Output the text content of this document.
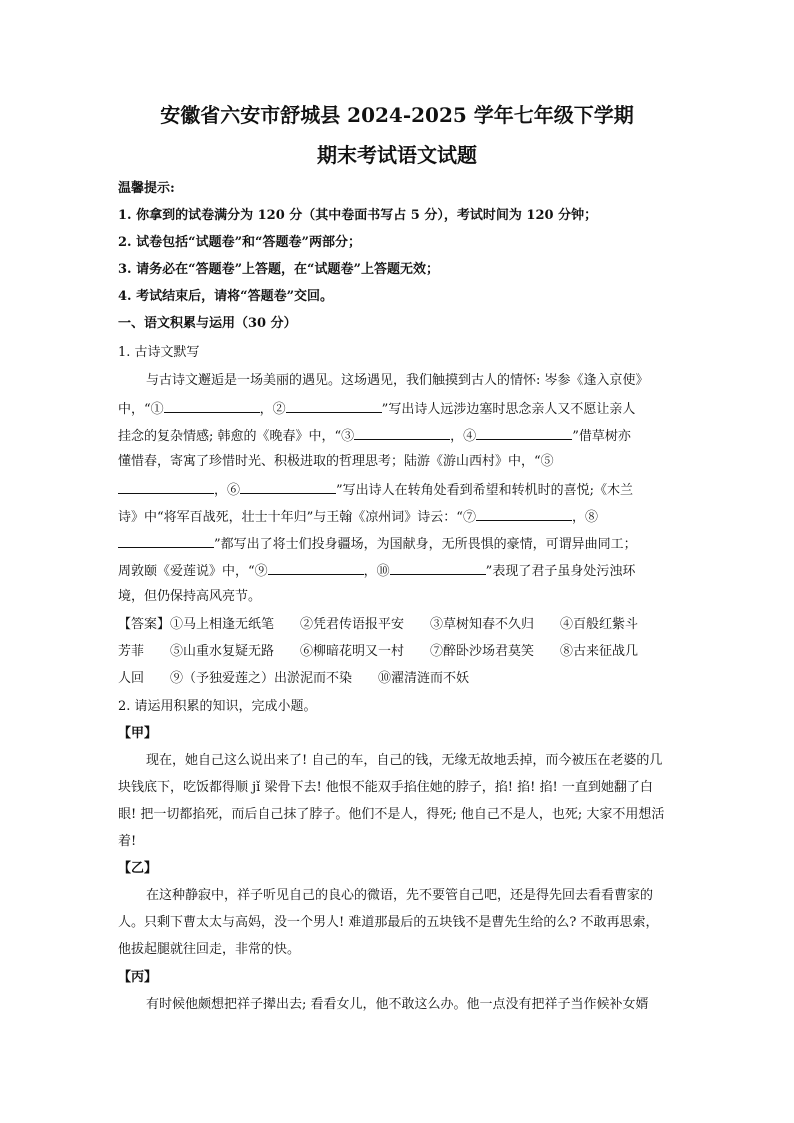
安徽省六安市舒城县 2024-2025 学年七年级下学期
期末考试语文试题
温馨提示:
1. 你拿到的试卷满分为 120 分（其中卷面书写占 5 分），考试时间为 120 分钟；
2. 试卷包括“试题卷”和“答题卷”两部分；
3. 请务必在“答题卷”上答题，在“试题卷”上答题无效；
4. 考试结束后，请将“答题卷”交回。
一、语文积累与运用（30 分）
1. 古诗文默写
与古诗文邂逅是一场美丽的遇见。这场遇见，我们触摸到古人的情怀: 岑参《逢入京使》
中，“①	，②	”写出诗人远涉边塞时思念亲人又不愿让亲人
挂念的复杂情感; 韩愈的《晚春》中，“③	，④	”借草树亦
懂惜春，寄寓了珍惜时光、积极进取的哲理思考；陆游《游山西村》中，“⑤
，⑥	”写出诗人在转角处看到希望和转机时的喜悦;《木兰
诗》中“将军百战死，壮士十年归”与王翰《凉州词》诗云：“⑦	，⑧
”都写出了将士们投身疆场，为国献身，无所畏惧的豪情，可谓异曲同工；
周敦颐《爱莲说》中，“⑨	，⑩	”表现了君子虽身处污浊环
境，但仍保持高风亮节。
【答案】①马上相逢无纸笔　　②凭君传语报平安　　③草树知春不久归　　④百般红紫斗
芳菲　　⑤山重水复疑无路　　⑥柳暗花明又一村　　⑦醉卧沙场君莫笑　　⑧古来征战几
人回　　⑨（予独爱莲之）出淤泥而不染　　⑩濯清涟而不妖
2. 请运用积累的知识，完成小题。
【甲】
现在，她自己这么说出来了! 自己的车，自己的钱，无缘无故地丢掉，而今被压在老婆的几
块钱底下，吃饭都得顺 jǐ 梁骨下去! 他恨不能双手掐住她的脖子，掐! 掐! 掐! 一直到她翻了白
眼! 把一切都掐死，而后自己抹了脖子。他们不是人，得死; 他自己不是人，也死; 大家不用想活
着!
【乙】
在这种静寂中，祥子听见自己的良心的微语，先不要管自己吧，还是得先回去看看曹家的
人。只剩下曹太太与高妈，没一个男人! 难道那最后的五块钱不是曹先生给的么? 不敢再思索，
他拔起腿就往回走，非常的快。
【丙】
有时候他颇想把祥子撵出去; 看看女儿，他不敢这么办。他一点没有把祥子当作候补女婿
